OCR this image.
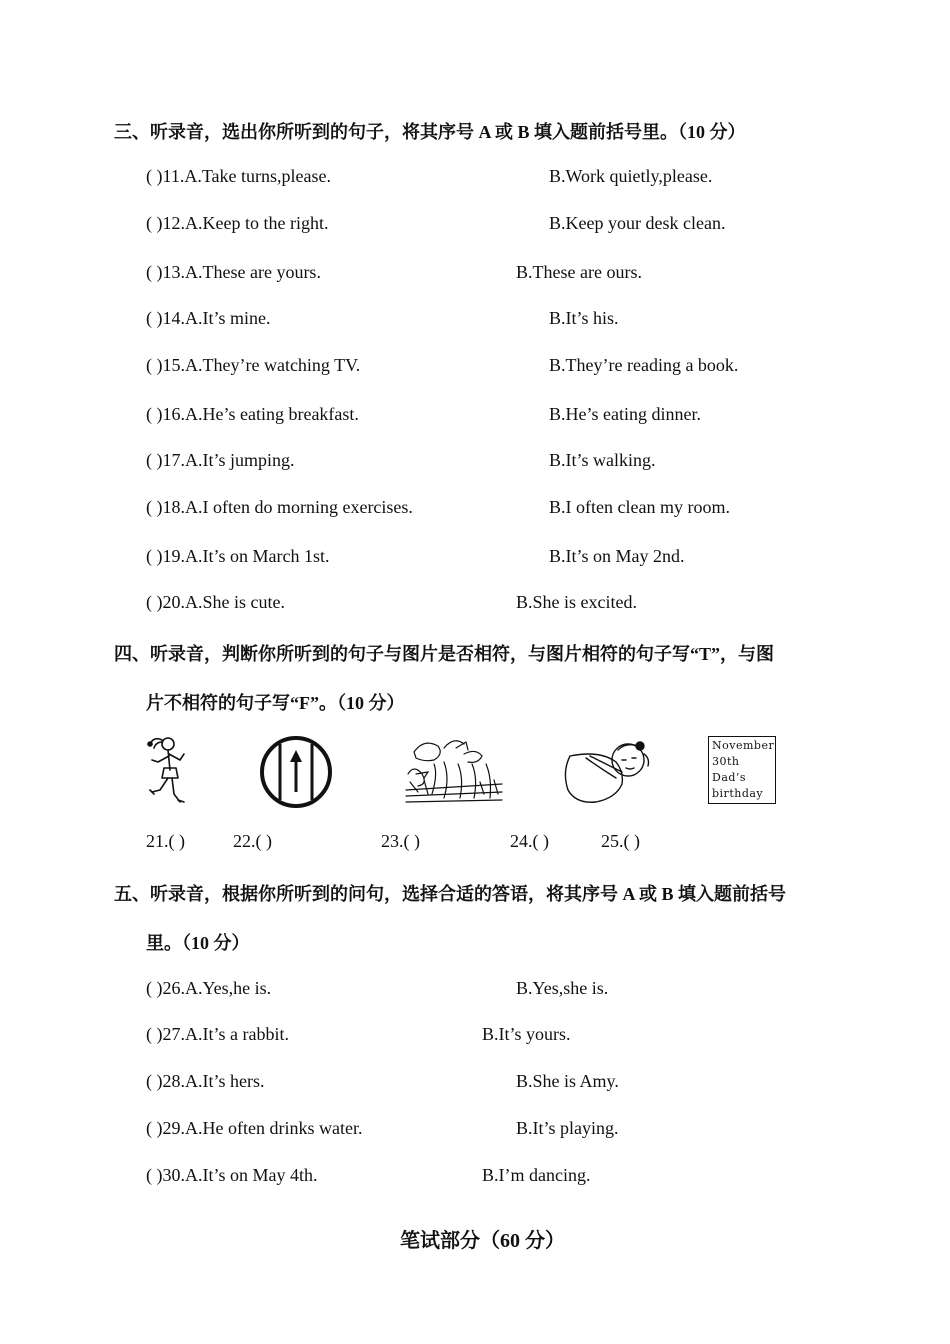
三、听录音，选出你所听到的句子，将其序号 A 或 B 填入题前括号里。（10 分）
( )11.A.Take turns,please.	B.Work quietly,please.
( )12.A.Keep to the right.	B.Keep your desk clean.
( )13.A.These are yours.	B.These are ours.
( )14.A.It’s mine.	B.It’s his.
( )15.A.They’re watching TV.	B.They’re reading a book.
( )16.A.He’s eating breakfast.	B.He’s eating dinner.
( )17.A.It’s jumping.	B.It’s walking.
( )18.A.I often do morning exercises.	B.I often clean my room.
( )19.A.It’s on March 1st.	B.It’s on May 2nd.
( )20.A.She is cute.	B.She is excited.
四、听录音，判断你所听到的句子与图片是否相符，与图片相符的句子写“T”，与图
片不相符的句子写“F”。（10 分）
November
30th
Dad’s
birthday
21.( )	22.( )	23.( )	24.( )	25.( )
五、听录音，根据你所听到的问句，选择合适的答语，将其序号 A 或 B 填入题前括号
里。（10 分）
( )26.A.Yes,he is.	B.Yes,she is.
( )27.A.It’s a rabbit.	B.It’s yours.
( )28.A.It’s hers.	B.She is Amy.
( )29.A.He often drinks water.	B.It’s playing.
( )30.A.It’s on May 4th.	B.I’m dancing.
笔试部分（60 分）
